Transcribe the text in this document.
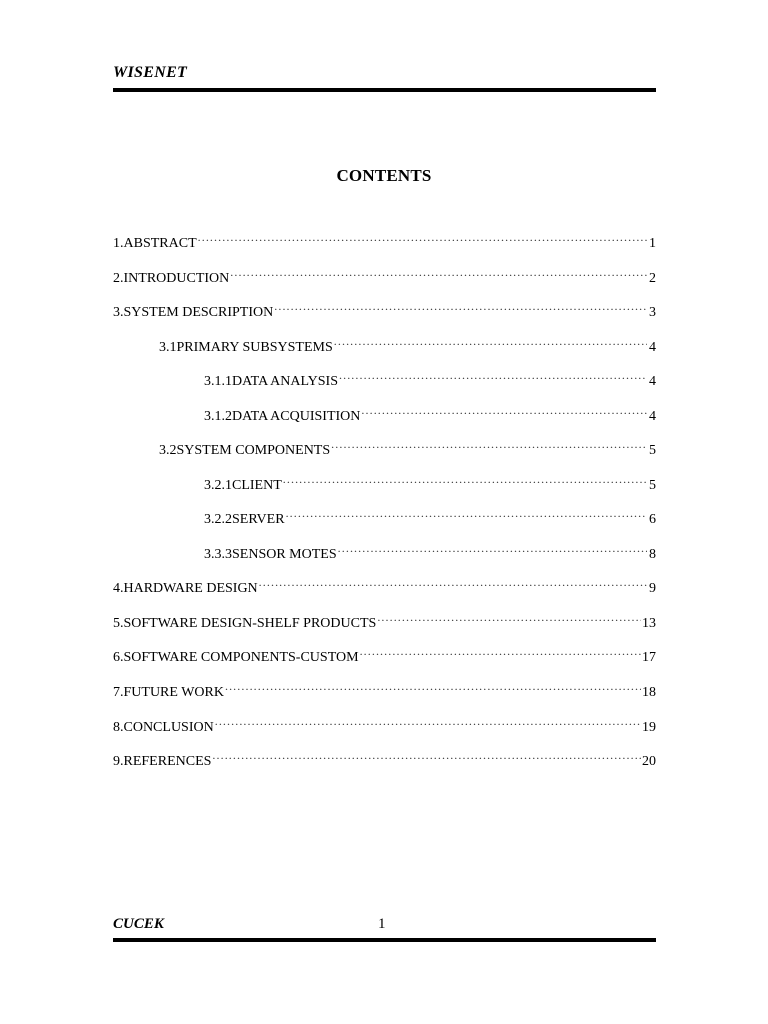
WISENET
CONTENTS
1.ABSTRACT .....	1
2.INTRODUCTION .....	2
3.SYSTEM DESCRIPTION .....	3
3.1PRIMARY SUBSYSTEMS .....	4
3.1.1DATA ANALYSIS .....	4
3.1.2DATA ACQUISITION .....	4
3.2SYSTEM COMPONENTS .....	5
3.2.1CLIENT .....	5
3.2.2SERVER .....	6
3.3.3SENSOR MOTES .....	8
4.HARDWARE DESIGN .....	9
5.SOFTWARE DESIGN-SHELF PRODUCTS .....	13
6.SOFTWARE COMPONENTS-CUSTOM .....	17
7.FUTURE WORK .....	18
8.CONCLUSION .....	19
9.REFERENCES .....	20
CUCEK	1
